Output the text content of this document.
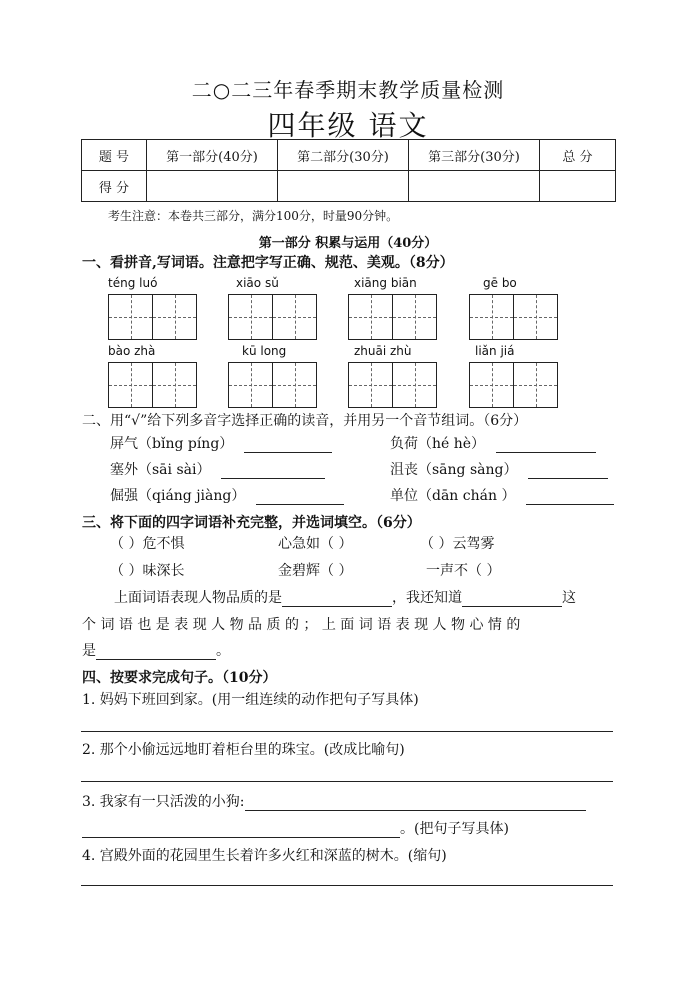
二○二三年春季期末教学质量检测
四年级 语文
题 号	第一部分(40分)	第二部分(30分)	第三部分(30分)	总 分
得 分				
考生注意：本卷共三部分，满分100分，时量90分钟。
第一部分 积累与运用（40分）
一、看拼音,写词语。注意把字写正确、规范、美观。（8分）
téng luó	xiāo sǔ	xiāng biān	gē bo
bào zhà	kū long	zhuāi zhù	liǎn jiá
二、用“√”给下列多音字选择正确的读音，并用另一个音节组词。（6分）
屏气（bǐng píng）	负荷（hé hè）
塞外（sāi sài）	沮丧（sāng sàng）
倔强（qiáng jiàng）	单位（dān chán ）
三、将下面的四字词语补充完整，并选词填空。（6分）
（ ）危不惧	心急如（ ）	（ ）云驾雾
（ ）味深长	金碧辉（ ）	一声不（ ）
上面词语表现人物品质的是	，我还知道	这
个 词 语 也 是 表 现 人 物 品 质 的 ； 上 面 词 语 表 现 人 物 心 情 的
是	。
四、按要求完成句子。（10分）
1. 妈妈下班回到家。(用一组连续的动作把句子写具体)
2. 那个小偷远远地盯着柜台里的珠宝。(改成比喻句)
3. 我家有一只活泼的小狗:
。(把句子写具体)
4. 宫殿外面的花园里生长着许多火红和深蓝的树木。(缩句)
